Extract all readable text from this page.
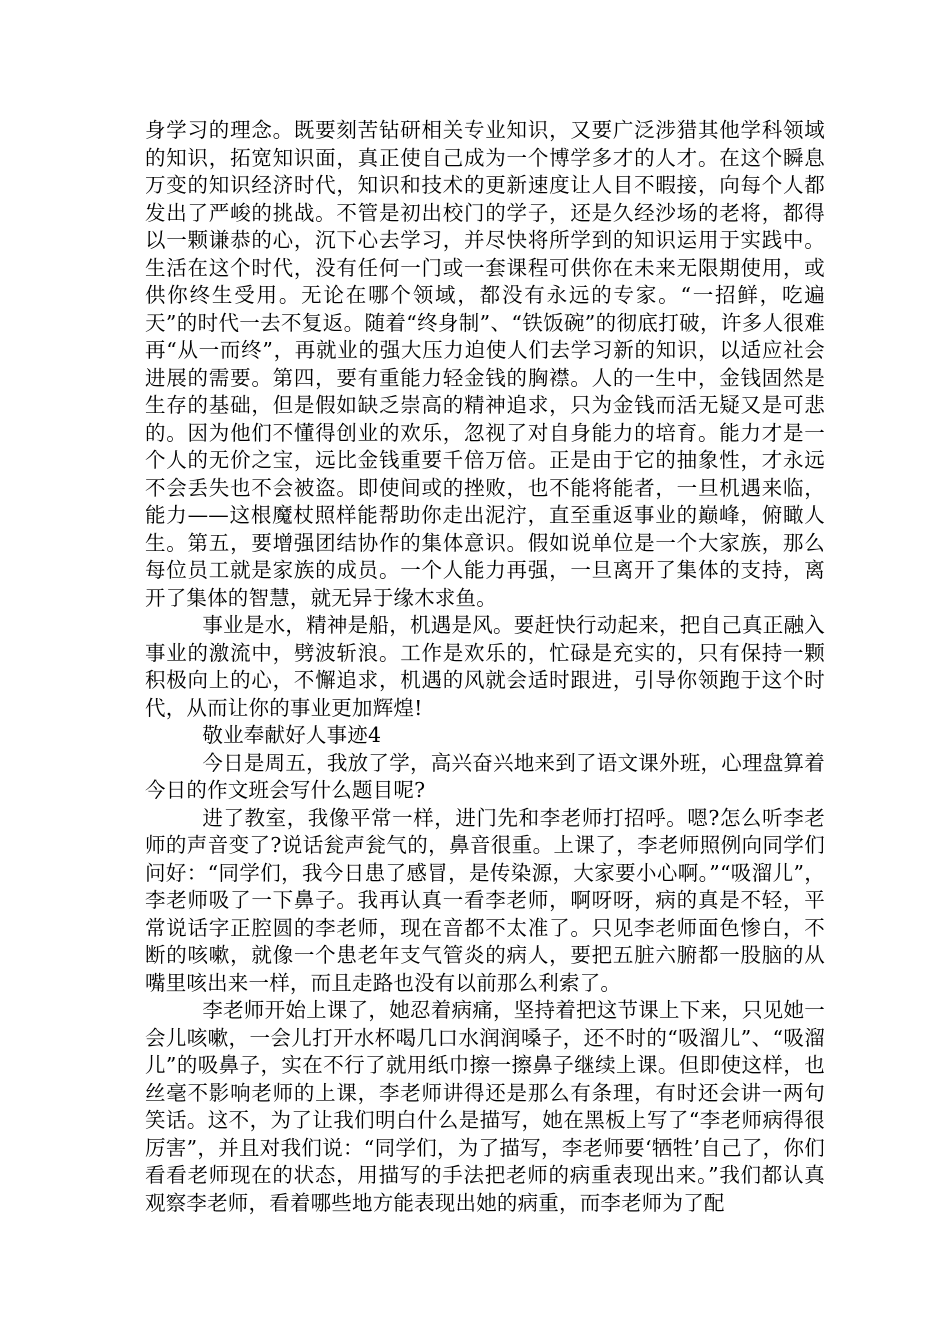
身学习的理念。既要刻苦钻研相关专业知识，又要广泛涉猎其他学科领域的知识，拓宽知识面，真正使自己成为一个博学多才的人才。在这个瞬息万变的知识经济时代，知识和技术的更新速度让人目不暇接，向每个人都发出了严峻的挑战。不管是初出校门的学子，还是久经沙场的老将，都得以一颗谦恭的心，沉下心去学习，并尽快将所学到的知识运用于实践中。生活在这个时代，没有任何一门或一套课程可供你在未来无限期使用，或供你终生受用。无论在哪个领域，都没有永远的专家。“一招鲜，吃遍天”的时代一去不复返。随着“终身制”、“铁饭碗”的彻底打破，许多人很难再“从一而终”，再就业的强大压力迫使人们去学习新的知识，以适应社会进展的需要。第四，要有重能力轻金钱的胸襟。人的一生中，金钱固然是生存的基础，但是假如缺乏崇高的精神追求，只为金钱而活无疑又是可悲的。因为他们不懂得创业的欢乐，忽视了对自身能力的培育。能力才是一个人的无价之宝，远比金钱重要千倍万倍。正是由于它的抽象性，才永远不会丢失也不会被盗。即使间或的挫败，也不能将能者，一旦机遇来临，能力——这根魔杖照样能帮助你走出泥泞，直至重返事业的巅峰，俯瞰人生。第五，要增强团结协作的集体意识。假如说单位是一个大家族，那么每位员工就是家族的成员。一个人能力再强，一旦离开了集体的支持，离开了集体的智慧，就无异于缘木求鱼。

事业是水，精神是船，机遇是风。要赶快行动起来，把自己真正融入事业的激流中，劈波斩浪。工作是欢乐的，忙碌是充实的，只有保持一颗积极向上的心，不懈追求，机遇的风就会适时跟进，引导你领跑于这个时代，从而让你的事业更加辉煌!

敬业奉献好人事迹4

今日是周五，我放了学，高兴奋兴地来到了语文课外班，心理盘算着今日的作文班会写什么题目呢?

进了教室，我像平常一样，进门先和李老师打招呼。嗯?怎么听李老师的声音变了?说话瓮声瓮气的，鼻音很重。上课了，李老师照例向同学们问好：“同学们，我今日患了感冒，是传染源，大家要小心啊。”“吸溜儿”，李老师吸了一下鼻子。我再认真一看李老师，啊呀呀，病的真是不轻，平常说话字正腔圆的李老师，现在音都不太准了。只见李老师面色惨白，不断的咳嗽，就像一个患老年支气管炎的病人，要把五脏六腑都一股脑的从嘴里咳出来一样，而且走路也没有以前那么利索了。

李老师开始上课了，她忍着病痛，坚持着把这节课上下来，只见她一会儿咳嗽，一会儿打开水杯喝几口水润润嗓子，还不时的“吸溜儿”、“吸溜儿”的吸鼻子，实在不行了就用纸巾擦一擦鼻子继续上课。但即使这样，也丝毫不影响老师的上课，李老师讲得还是那么有条理，有时还会讲一两句笑话。这不，为了让我们明白什么是描写，她在黑板上写了“李老师病得很厉害”，并且对我们说：“同学们，为了描写，李老师要‘牺牲’自己了，你们看看老师现在的状态，用描写的手法把老师的病重表现出来。”我们都认真观察李老师，看着哪些地方能表现出她的病重，而李老师为了配
